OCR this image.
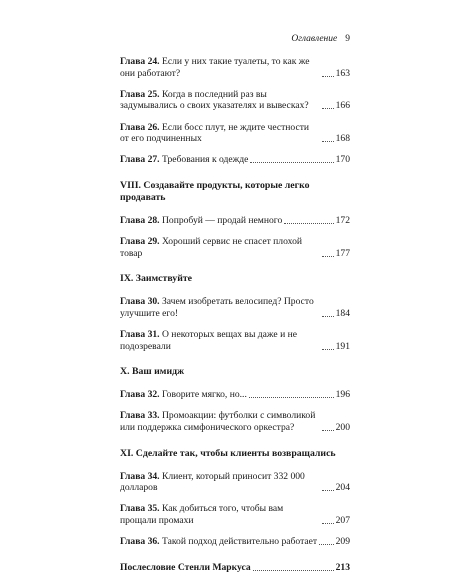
Оглавление 9
Глава 24. Если у них такие туалеты, то как же они работают?	163
Глава 25. Когда в последний раз вы задумывались о своих указателях и вывесках?	166
Глава 26. Если босс плут, не ждите честности от его подчиненных	168
Глава 27. Требования к одежде	170
VIII. Создавайте продукты, которые легко продавать
Глава 28. Попробуй — продай немного	172
Глава 29. Хороший сервис не спасет плохой товар	177
IX. Заимствуйте
Глава 30. Зачем изобретать велосипед? Просто улучшите его!	184
Глава 31. О некоторых вещах вы даже и не подозревали	191
X. Ваш имидж
Глава 32. Говорите мягко, но...	196
Глава 33. Промоакции: футболки с символикой или поддержка симфонического оркестра?	200
XI. Сделайте так, чтобы клиенты возвращались
Глава 34. Клиент, который приносит 332 000 долларов	204
Глава 35. Как добиться того, чтобы вам прощали промахи	207
Глава 36. Такой подход действительно работает 209
Послесловие Стенли Маркуса	213
